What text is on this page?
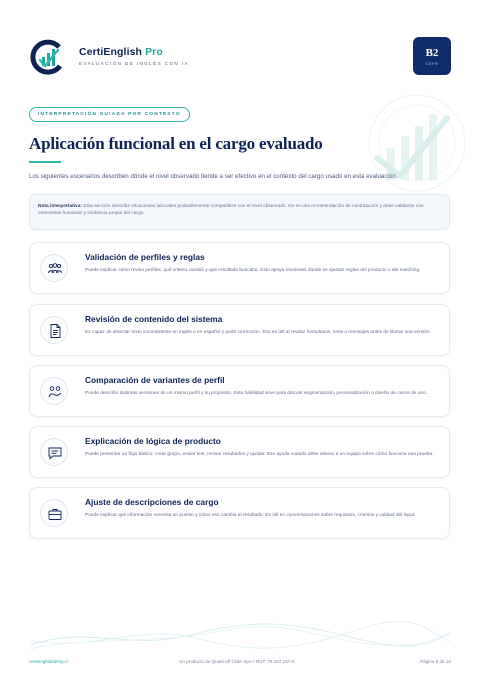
CertiEnglish Pro
EVALUACIÓN DE INGLÉS CON IA
B2
CEFR
INTERPRETACIÓN GUIADA POR CONTEXTO
Aplicación funcional en el cargo evaluado

Los siguientes escenarios describen dónde el nivel observado tiende a ser efectivo en el contexto del cargo usado en esta evaluación.

Nota interpretativa: Esta sección describe situaciones laborales probablemente compatibles con el nivel observado. No es una recomendación de contratación y debe validarse con entrevistas humanas y evidencia propia del cargo.
Validación de perfiles y reglas
Puede explicar cómo revisa perfiles, qué criterio cambió y qué resultado buscaba. Esto apoya reuniones donde se ajustan reglas del producto o del matching.
Revisión de contenido del sistema
Es capaz de detectar texto inconsistente en inglés o en español y pedir corrección. Eso es útil al revisar formularios, tests o mensajes antes de liberar una versión.
Comparación de variantes de perfil
Puede describir distintas versiones de un mismo perfil y su propósito. Esta habilidad sirve para discutir segmentación, personalización o diseño de casos de uso.
Explicación de lógica de producto
Puede presentar un flujo básico: crear grupo, enviar test, revisar resultados y ajustar. Eso ayuda cuando debe alinear a un equipo sobre cómo funciona una prueba.
Ajuste de descripciones de cargo
Puede explicar qué información necesita un puesto y cómo eso cambia el resultado. Es útil en conversaciones sobre requisitos, criterios y calidad del input.
certienglishdemy.cl	Un producto de Quasi-off Chile SpA • RUT: 76.407.157-K	Página 8 de 10
